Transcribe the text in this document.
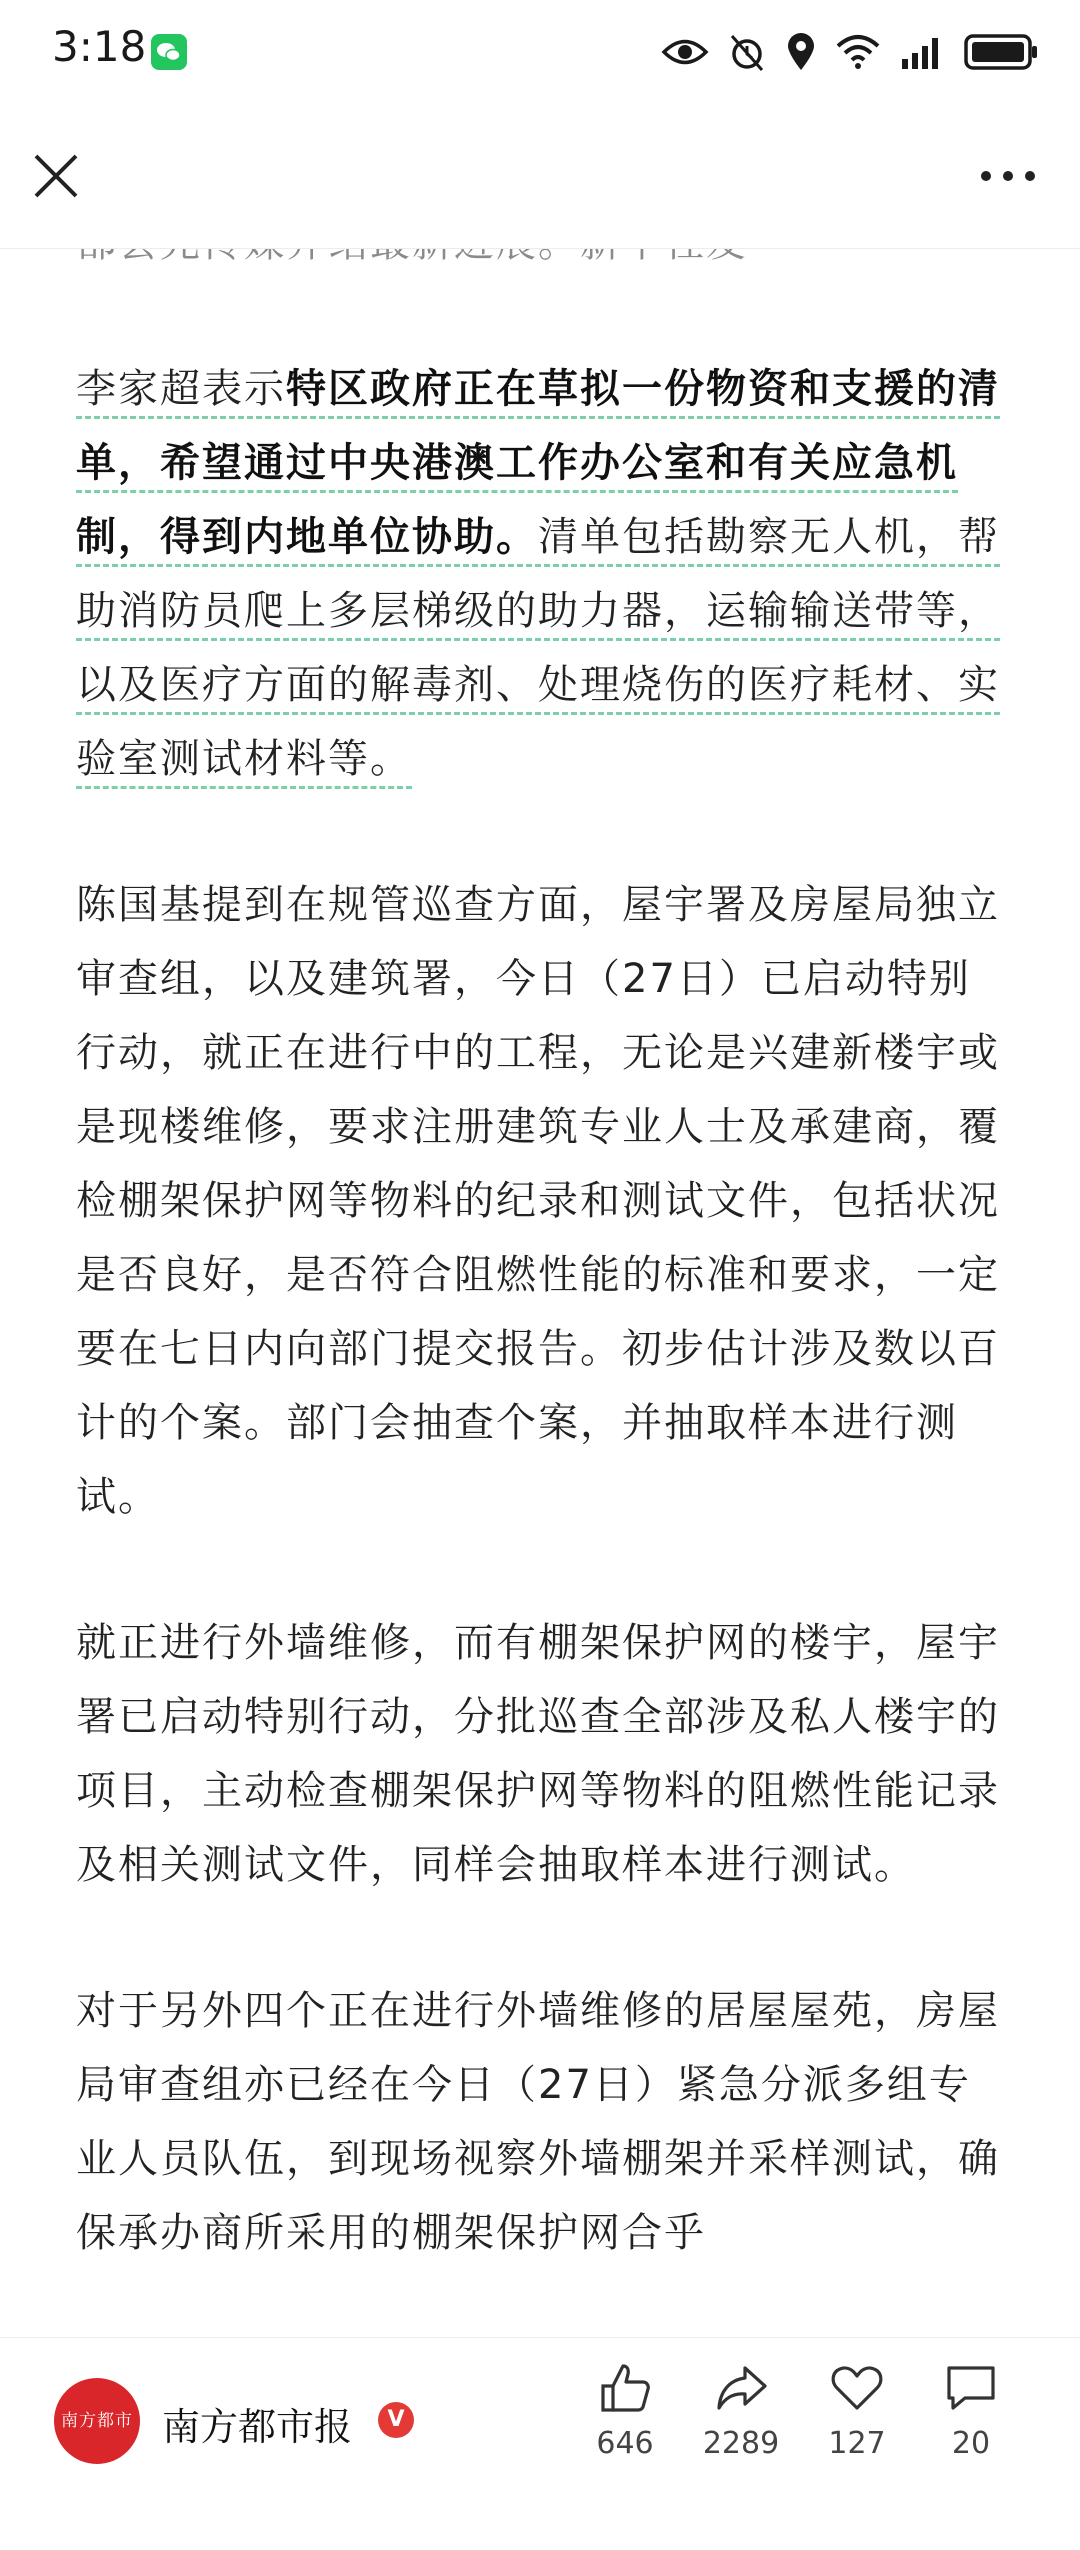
3:18

李家超表示特区政府正在草拟一份物资和支援的清单，希望通过中央港澳工作办公室和有关应急机制，得到内地单位协助。清单包括勘察无人机，帮助消防员爬上多层梯级的助力器，运输输送带等，以及医疗方面的解毒剂、处理烧伤的医疗耗材、实验室测试材料等。

陈国基提到在规管巡查方面，屋宇署及房屋局独立审查组，以及建筑署，今日（27日）已启动特别行动，就正在进行中的工程，无论是兴建新楼宇或是现楼维修，要求注册建筑专业人士及承建商，覆检棚架保护网等物料的纪录和测试文件，包括状况是否良好，是否符合阻燃性能的标准和要求，一定要在七日内向部门提交报告。初步估计涉及数以百计的个案。部门会抽查个案，并抽取样本进行测试。

就正进行外墙维修，而有棚架保护网的楼宇，屋宇署已启动特别行动，分批巡查全部涉及私人楼宇的项目，主动检查棚架保护网等物料的阻燃性能记录及相关测试文件，同样会抽取样本进行测试。

对于另外四个正在进行外墙维修的居屋屋苑，房屋局审查组亦已经在今日（27日）紧急分派多组专业人员队伍，到现场视察外墙棚架并采样测试，确保承办商所采用的棚架保护网合乎

南方都市报
南方都市报	V
646	2289	127	20
